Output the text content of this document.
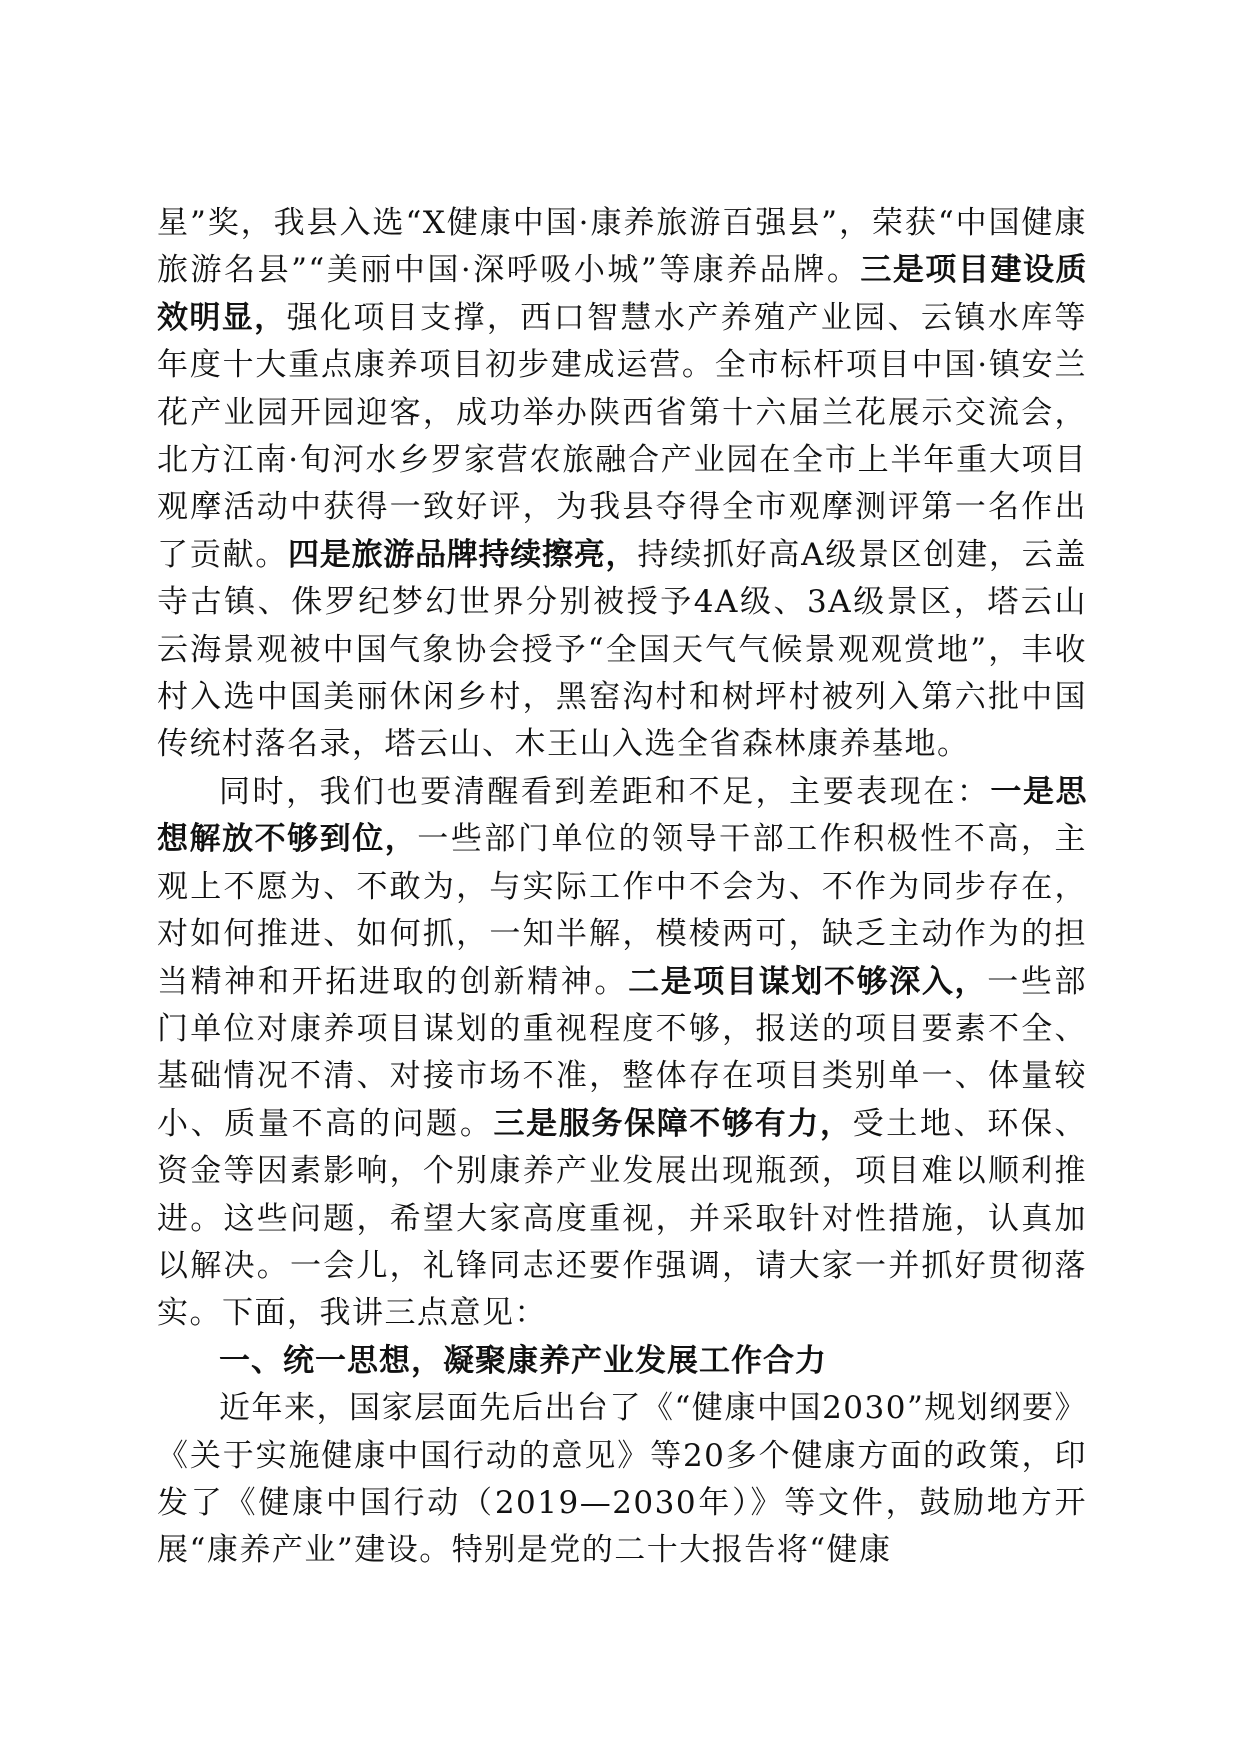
星”奖，我县入选“X健康中国·康养旅游百强县”，荣获“中国健康旅游名县”“美丽中国·深呼吸小城”等康养品牌。三是项目建设质效明显，强化项目支撑，西口智慧水产养殖产业园、云镇水库等年度十大重点康养项目初步建成运营。全市标杆项目中国·镇安兰花产业园开园迎客，成功举办陕西省第十六届兰花展示交流会，北方江南·旬河水乡罗家营农旅融合产业园在全市上半年重大项目观摩活动中获得一致好评，为我县夺得全市观摩测评第一名作出了贡献。四是旅游品牌持续擦亮，持续抓好高A级景区创建，云盖寺古镇、侏罗纪梦幻世界分别被授予4A级、3A级景区，塔云山云海景观被中国气象协会授予“全国天气气候景观观赏地”，丰收村入选中国美丽休闲乡村，黑窑沟村和树坪村被列入第六批中国传统村落名录，塔云山、木王山入选全省森林康养基地。

同时，我们也要清醒看到差距和不足，主要表现在：一是思想解放不够到位，一些部门单位的领导干部工作积极性不高，主观上不愿为、不敢为，与实际工作中不会为、不作为同步存在，对如何推进、如何抓，一知半解，模棱两可，缺乏主动作为的担当精神和开拓进取的创新精神。二是项目谋划不够深入，一些部门单位对康养项目谋划的重视程度不够，报送的项目要素不全、基础情况不清、对接市场不准，整体存在项目类别单一、体量较小、质量不高的问题。三是服务保障不够有力，受土地、环保、资金等因素影响，个别康养产业发展出现瓶颈，项目难以顺利推进。这些问题，希望大家高度重视，并采取针对性措施，认真加以解决。一会儿，礼锋同志还要作强调，请大家一并抓好贯彻落实。下面，我讲三点意见：

一、统一思想，凝聚康养产业发展工作合力

近年来，国家层面先后出台了《“健康中国2030”规划纲要》《关于实施健康中国行动的意见》等20多个健康方面的政策，印发了《健康中国行动（2019—2030年）》等文件，鼓励地方开展“康养产业”建设。特别是党的二十大报告将“健康
